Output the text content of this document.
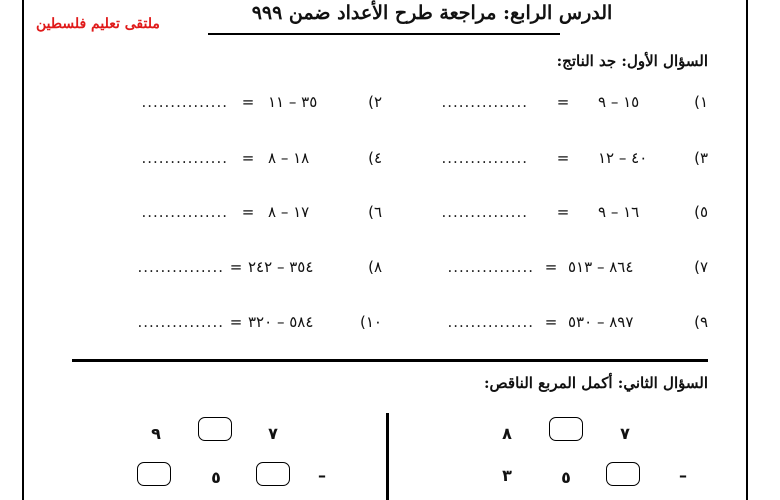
ملتقى تعليم فلسطين	الدرس الرابع: مراجعة طرح الأعداد ضمن ٩٩٩
السؤال الأول: جد الناتج:
١)
١٥ – ٩
=
...............
٢)
٣٥ – ١١
=
...............
٣)
٤٠ – ١٢
=
...............
٤)
١٨ – ٨
=
...............
٥)
١٦ – ٩
=
...............
٦)
١٧ – ٨
=
...............
٧)
٨٦٤ – ٥١٣
=
...............
٨)
٣٥٤ – ٢٤٢
=
...............
٩)
٨٩٧ – ٥٣٠
=
...............
١٠)
٥٨٤ – ٣٢٠
=
...............
السؤال الثاني: أكمل المربع الناقص:
٧
٨
–
٥
٣
٧
٩
–
٥
